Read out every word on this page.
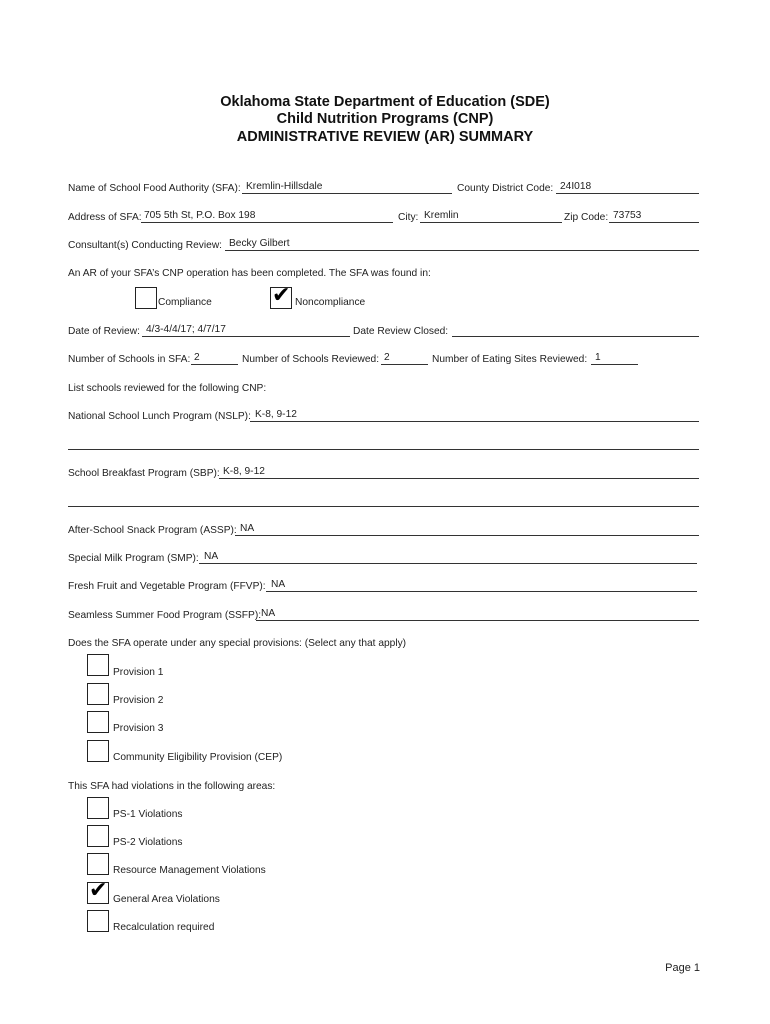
Oklahoma State Department of Education (SDE)
Child Nutrition Programs (CNP)
ADMINISTRATIVE REVIEW (AR) SUMMARY
Name of School Food Authority (SFA): Kremlin-Hillsdale	County District Code: 24I018
Address of SFA: 705 5th St, P.O. Box 198	City: Kremlin	Zip Code: 73753
Consultant(s) Conducting Review: Becky Gilbert
An AR of your SFA’s CNP operation has been completed. The SFA was found in:
Compliance	✔ Noncompliance
Date of Review: 4/3-4/4/17; 4/7/17	Date Review Closed:
Number of Schools in SFA: 2	Number of Schools Reviewed: 2	Number of Eating Sites Reviewed: 1
List schools reviewed for the following CNP:
National School Lunch Program (NSLP): K-8, 9-12
School Breakfast Program (SBP): K-8, 9-12
After-School Snack Program (ASSP): NA
Special Milk Program (SMP): NA
Fresh Fruit and Vegetable Program (FFVP): NA
Seamless Summer Food Program (SSFP): NA
Does the SFA operate under any special provisions: (Select any that apply)
Provision 1
Provision 2
Provision 3
Community Eligibility Provision (CEP)
This SFA had violations in the following areas:
PS-1 Violations
PS-2 Violations
Resource Management Violations
✔ General Area Violations
Recalculation required
Page 1
